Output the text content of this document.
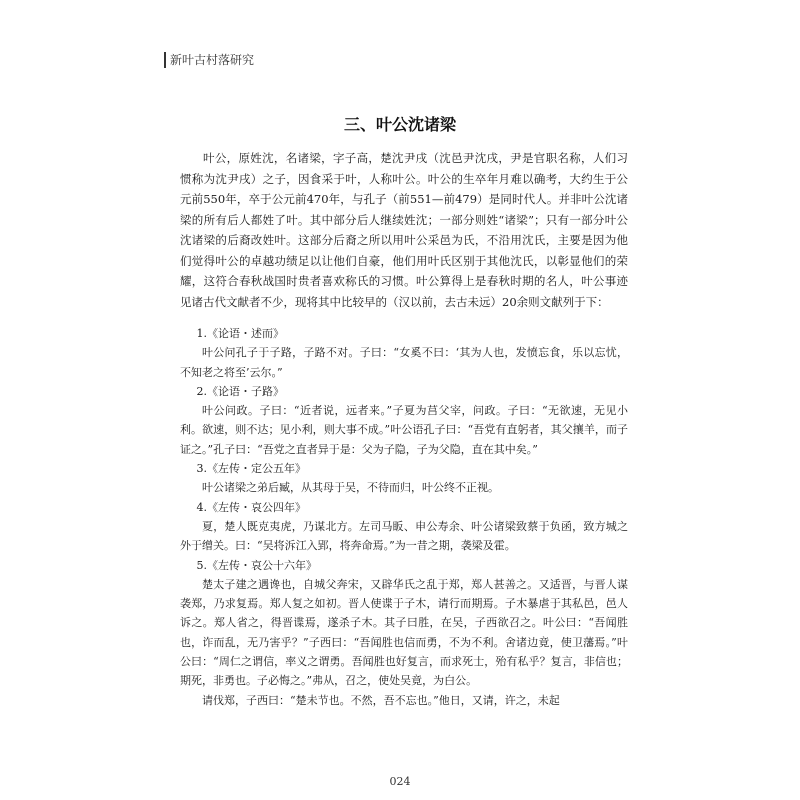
新叶古村落研究
三、叶公沈诸梁

叶公，原姓沈，名诸梁，字子高，楚沈尹戌（沈邑尹沈戌，尹是官职名称，人们习惯称为沈尹戌）之子，因食采于叶，人称叶公。叶公的生卒年月难以确考，大约生于公元前550年，卒于公元前470年，与孔子（前551—前479）是同时代人。并非叶公沈诸梁的所有后人都姓了叶。其中部分后人继续姓沈；一部分则姓“诸梁”；只有一部分叶公沈诸梁的后裔改姓叶。这部分后裔之所以用叶公采邑为氏，不沿用沈氏，主要是因为他们觉得叶公的卓越功绩足以让他们自豪，他们用叶氏区别于其他沈氏，以彰显他们的荣耀，这符合春秋战国时贵者喜欢称氏的习惯。叶公算得上是春秋时期的名人，叶公事迹见诸古代文献者不少，现将其中比较早的（汉以前，去古未远）20余则文献列于下：

1.《论语・述而》

叶公问孔子于子路，子路不对。子曰：“女奚不曰：‘其为人也，发愤忘食，乐以忘忧，不知老之将至’云尔。”

2.《论语・子路》

叶公问政。子曰：“近者说，远者来。”子夏为莒父宰，问政。子曰：“无欲速，无见小利。欲速，则不达；见小利，则大事不成。”叶公语孔子曰：“吾党有直躬者，其父攘羊，而子证之。”孔子曰：“吾党之直者异于是：父为子隐，子为父隐，直在其中矣。”

3.《左传・定公五年》

叶公诸梁之弟后臧，从其母于吴，不待而归，叶公终不正视。

4.《左传・哀公四年》

夏，楚人既克夷虎，乃谋北方。左司马眅、申公寿余、叶公诸梁致蔡于负函，致方城之外于缯关。曰：“吴将泝江入郢，将奔命焉。”为一昔之期，袭梁及霍。

5.《左传・哀公十六年》

楚太子建之遇谗也，自城父奔宋，又辟华氏之乱于郑，郑人甚善之。又适晋，与晋人谋袭郑，乃求复焉。郑人复之如初。晋人使谍于子木，请行而期焉。子木暴虐于其私邑，邑人诉之。郑人省之，得晋谍焉，遂杀子木。其子曰胜，在吴，子西欲召之。叶公曰：“吾闻胜也，诈而乱，无乃害乎？”子西曰：“吾闻胜也信而勇，不为不利。舍诸边竟，使卫藩焉。”叶公曰：“周仁之谓信，率义之谓勇。吾闻胜也好复言，而求死士，殆有私乎？复言，非信也；期死，非勇也。子必悔之。”弗从，召之，使处吴竟，为白公。

请伐郑，子西曰：“楚未节也。不然，吾不忘也。”他日，又请，许之，未起

024
